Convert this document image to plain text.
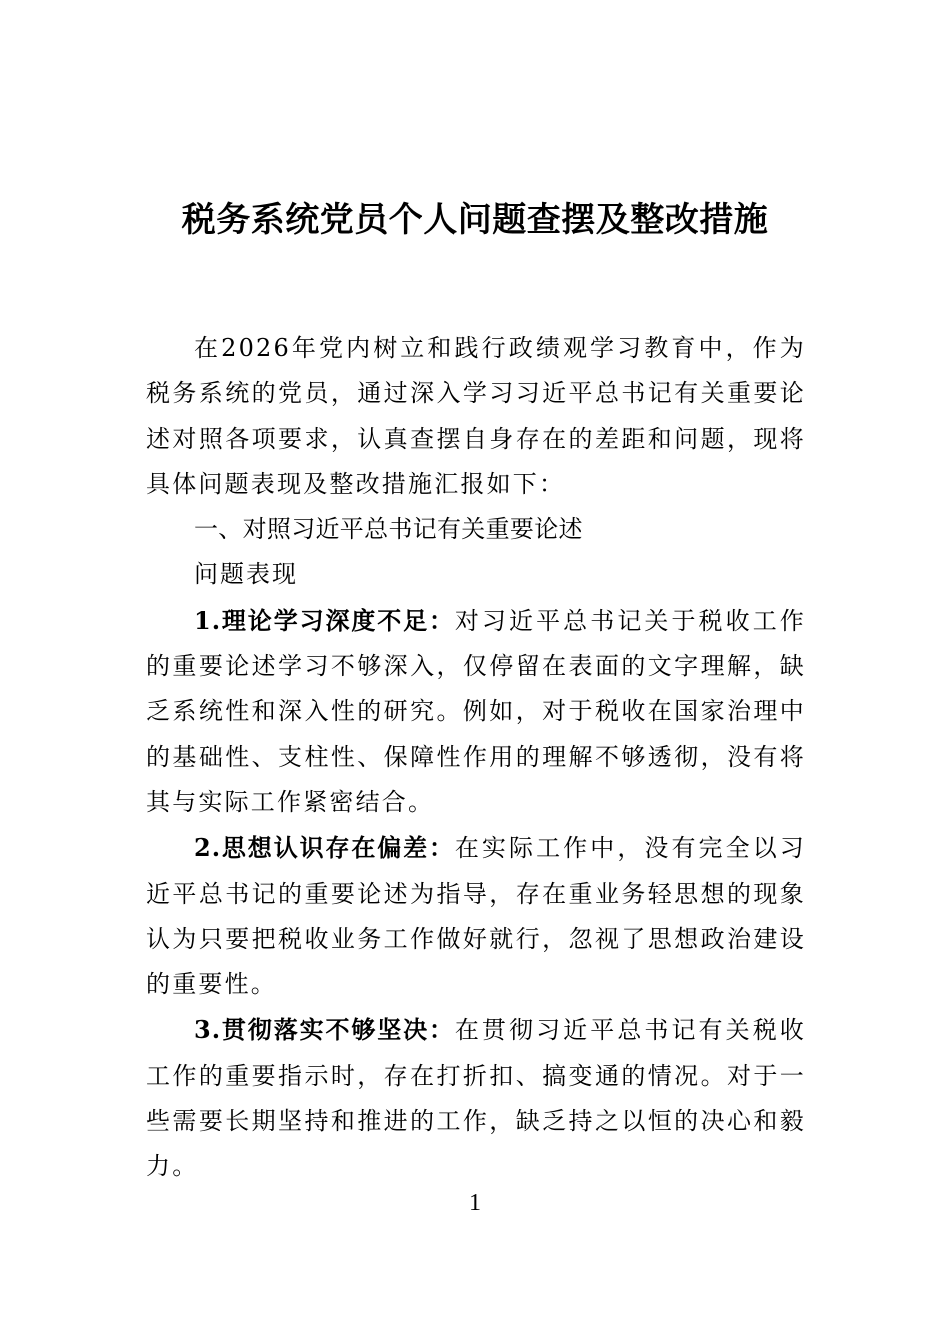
税务系统党员个人问题查摆及整改措施

在2026年党内树立和践行政绩观学习教育中，作为税务系统的党员，通过深入学习习近平总书记有关重要论述对照各项要求，认真查摆自身存在的差距和问题，现将具体问题表现及整改措施汇报如下：

一、对照习近平总书记有关重要论述

问题表现

1.理论学习深度不足：对习近平总书记关于税收工作的重要论述学习不够深入，仅停留在表面的文字理解，缺乏系统性和深入性的研究。例如，对于税收在国家治理中的基础性、支柱性、保障性作用的理解不够透彻，没有将其与实际工作紧密结合。

2.思想认识存在偏差：在实际工作中，没有完全以习近平总书记的重要论述为指导，存在重业务轻思想的现象认为只要把税收业务工作做好就行，忽视了思想政治建设的重要性。

3.贯彻落实不够坚决：在贯彻习近平总书记有关税收工作的重要指示时，存在打折扣、搞变通的情况。对于一些需要长期坚持和推进的工作，缺乏持之以恒的决心和毅力。

1
